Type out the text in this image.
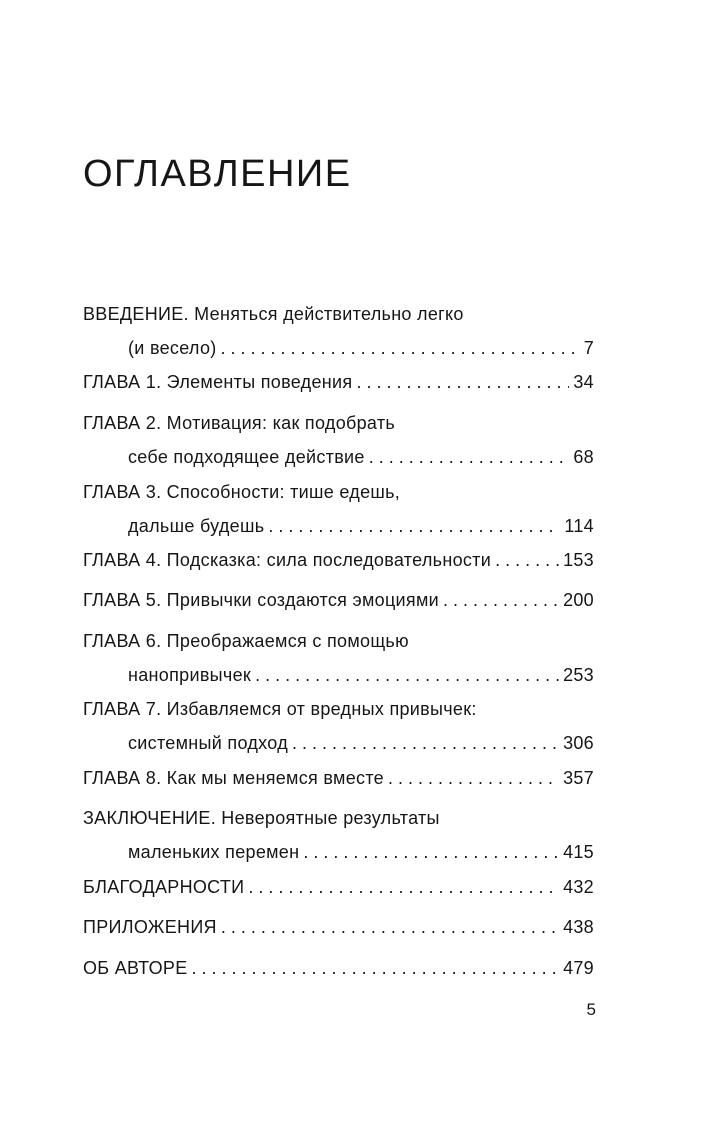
ОГЛАВЛЕНИЕ
ВВЕДЕНИЕ. Меняться действительно легко
(и весело) . . .	7
ГЛАВА 1. Элементы поведения . . .	34
ГЛАВА 2. Мотивация: как подобрать
себе подходящее действие . . .	68
ГЛАВА 3. Способности: тише едешь,
дальше будешь . . .	114
ГЛАВА 4. Подсказка: сила последовательности . . .	153
ГЛАВА 5. Привычки создаются эмоциями . . .	200
ГЛАВА 6. Преображаемся с помощью
нанопривычек . . .	253
ГЛАВА 7. Избавляемся от вредных привычек:
системный подход . . .	306
ГЛАВА 8. Как мы меняемся вместе . . .	357
ЗАКЛЮЧЕНИЕ. Невероятные результаты
маленьких перемен . . .	415
БЛАГОДАРНОСТИ . . .	432
ПРИЛОЖЕНИЯ . . .	438
ОБ АВТОРЕ . . .	479
5
